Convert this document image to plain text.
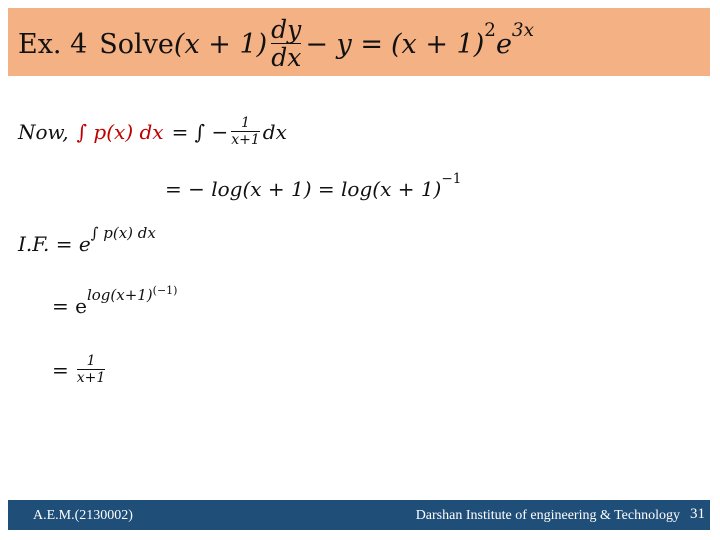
Ex. 4 Solve $(x + 1) \frac{dy}{dx} - y = (x + 1)$ 2 e 3x
Now, ∫ p(x) dx = ∫ − $\frac{1}{x+1}$ dx
= − log(x + 1) = log(x + 1) −1
I.F. = e ∫ p(x) dx
= e log(x+1) (−1)
= $\frac{1}{x+1}$
A.E.M.(2130002)	Darshan Institute of engineering & Technology 31
